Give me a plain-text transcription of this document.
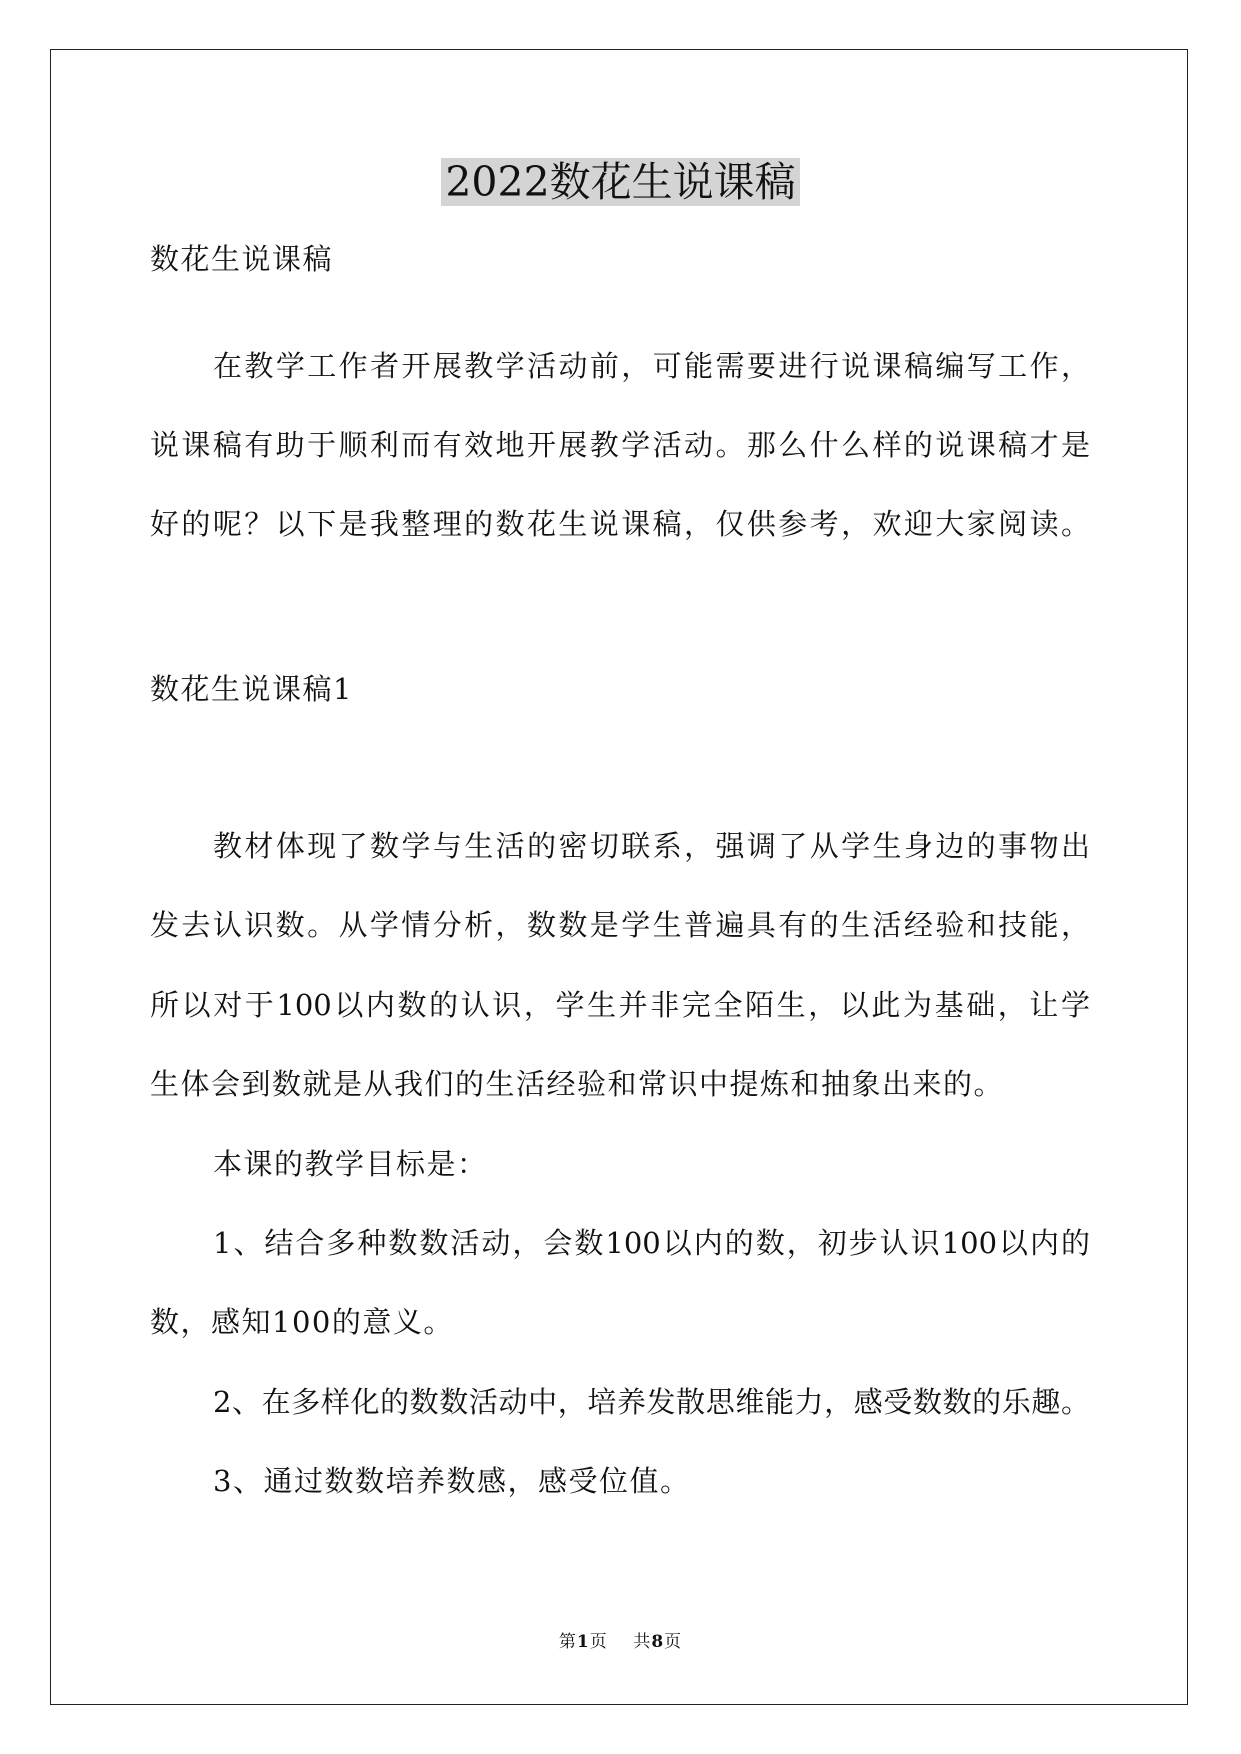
2022数花生说课稿
数花生说课稿
在教学工作者开展教学活动前，可能需要进行说课稿编写工作，
说课稿有助于顺利而有效地开展教学活动。那么什么样的说课稿才是
好的呢？以下是我整理的数花生说课稿，仅供参考，欢迎大家阅读。
数花生说课稿1
教材体现了数学与生活的密切联系，强调了从学生身边的事物出
发去认识数。从学情分析，数数是学生普遍具有的生活经验和技能，
所以对于100以内数的认识，学生并非完全陌生，以此为基础，让学
生体会到数就是从我们的生活经验和常识中提炼和抽象出来的。
本课的教学目标是：
1、结合多种数数活动，会数100以内的数，初步认识100以内的
数，感知100的意义。
2、在多样化的数数活动中，培养发散思维能力，感受数数的乐趣。
3、通过数数培养数感，感受位值。
第1页 共8页
